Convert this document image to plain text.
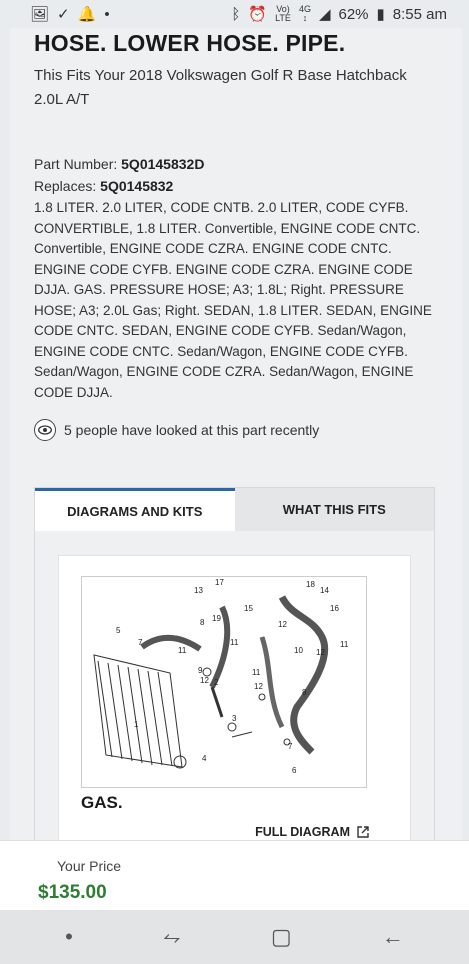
🖼 ✓ 🔔 •	ᛒ ⏰ Vo)
LTE
4G
↕ ◢ 62% ▮ 8:55 am
HOSE. LOWER HOSE. PIPE.
This Fits Your 2018 Volkswagen Golf R Base Hatchback 2.0L A/T
Part Number: 5Q0145832D
Replaces: 5Q0145832
1.8 LITER. 2.0 LITER, CODE CNTB. 2.0 LITER, CODE CYFB. CONVERTIBLE, 1.8 LITER. Convertible, ENGINE CODE CNTC. Convertible, ENGINE CODE CZRA. ENGINE CODE CNTC. ENGINE CODE CYFB. ENGINE CODE CZRA. ENGINE CODE DJJA. GAS. PRESSURE HOSE; A3; 1.8L; Right. PRESSURE HOSE; A3; 2.0L Gas; Right. SEDAN, 1.8 LITER. SEDAN, ENGINE CODE CNTC. SEDAN, ENGINE CODE CYFB. Sedan/Wagon, ENGINE CODE CNTC. Sedan/Wagon, ENGINE CODE CYFB. Sedan/Wagon, ENGINE CODE CZRA. Sedan/Wagon, ENGINE CODE DJJA.
5 people have looked at this part recently
DIAGRAMS AND KITS	WHAT THIS FITS
17
13
18
14
15	16
8 19
12
5
7	11	11
10 12
11
9
12 2
11
12
8
3
1
7
4
6
GAS.
FULL DIAGRAM
Your Price
$135.00
•	⥊	▢	←
